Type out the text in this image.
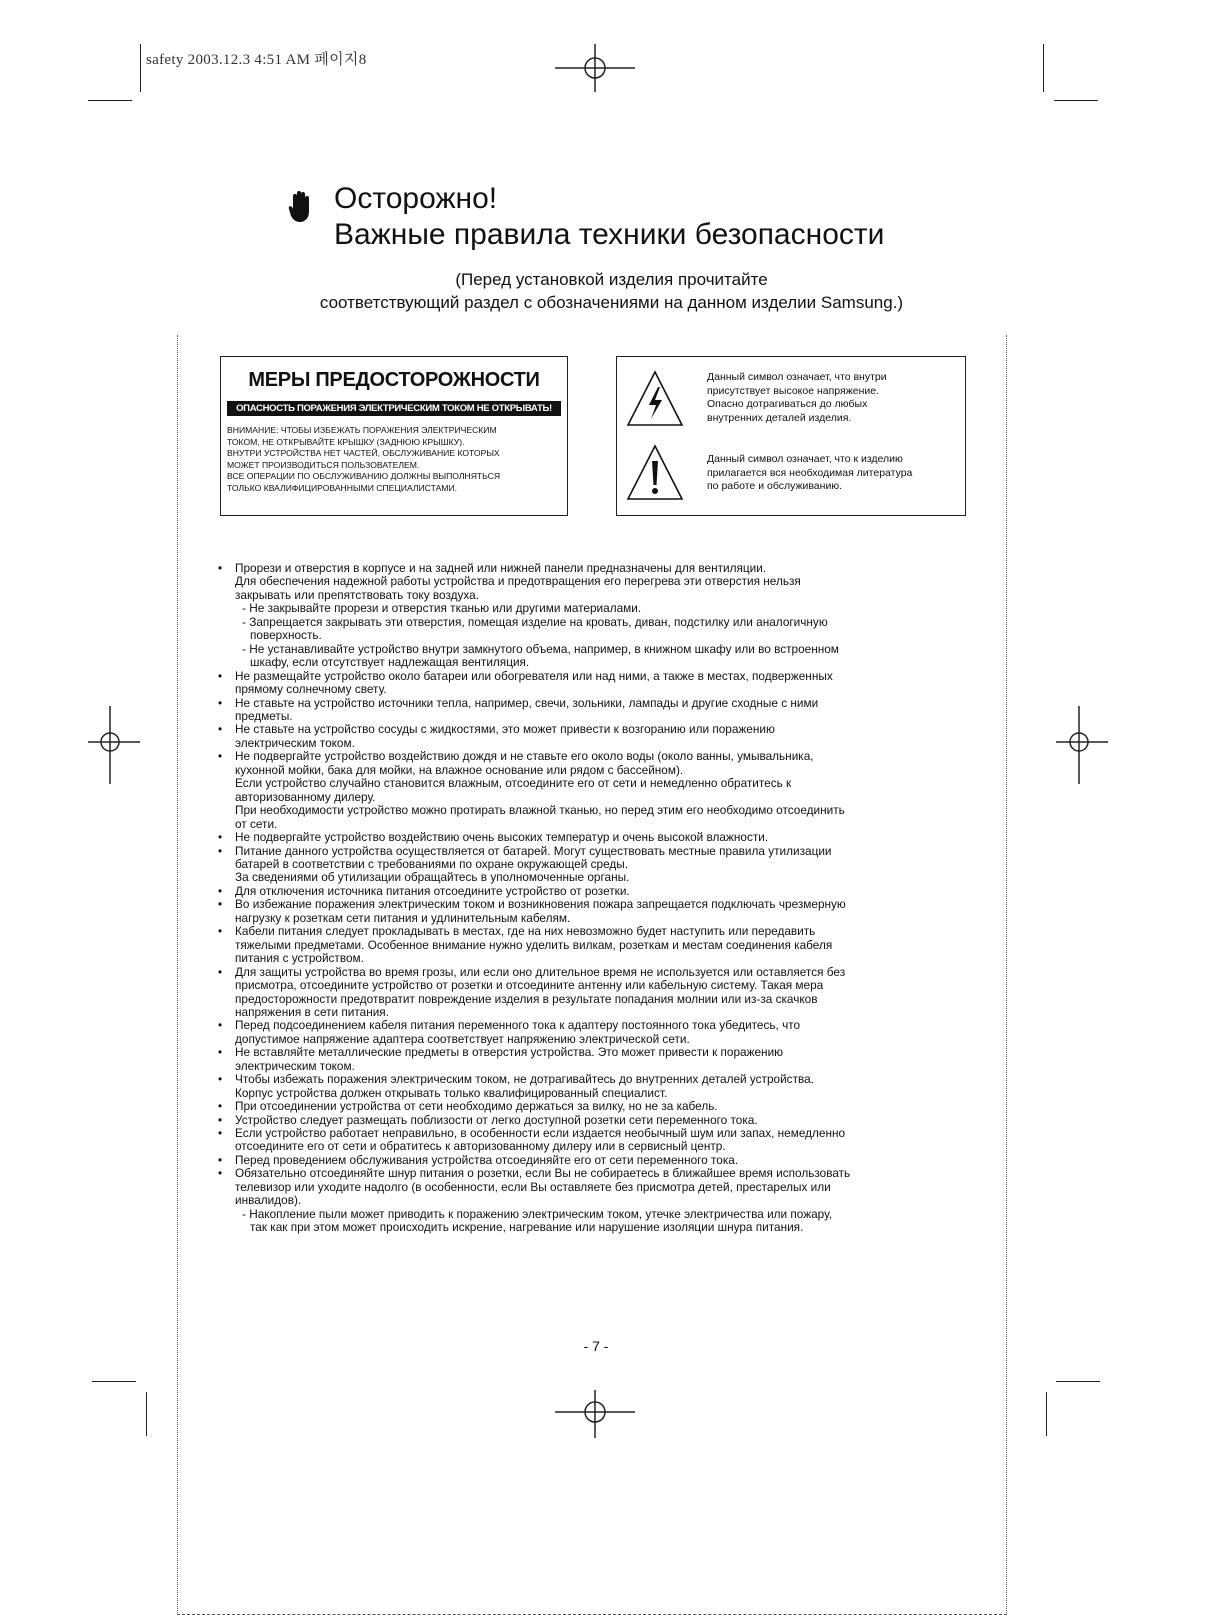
safety 2003.12.3 4:51 AM 페이지8
Осторожно!
Важные правила техники безопасности
(Перед установкой изделия прочитайте
соответствующий раздел с обозначениями на данном изделии Samsung.)
МЕРЫ ПРЕДОСТОРОЖНОСТИ
ОПАСНОСТЬ ПОРАЖЕНИЯ ЭЛЕКТРИЧЕСКИМ ТОКОМ НЕ ОТКРЫВАТЬ!
ВНИМАНИЕ: ЧТОБЫ ИЗБЕЖАТЬ ПОРАЖЕНИЯ ЭЛЕКТРИЧЕСКИМ
ТОКОМ, НЕ ОТКРЫВАЙТЕ КРЫШКУ (ЗАДНЮЮ КРЫШКУ).
ВНУТРИ УСТРОЙСТВА НЕТ ЧАСТЕЙ, ОБСЛУЖИВАНИЕ КОТОРЫХ
МОЖЕТ ПРОИЗВОДИТЬСЯ ПОЛЬЗОВАТЕЛЕМ.
ВСЕ ОПЕРАЦИИ ПО ОБСЛУЖИВАНИЮ ДОЛЖНЫ ВЫПОЛНЯТЬСЯ
ТОЛЬКО КВАЛИФИЦИРОВАННЫМИ СПЕЦИАЛИСТАМИ.
Данный символ означает, что внутри
присутствует высокое напряжение.
Опасно дотрагиваться до любых
внутренних деталей изделия.
Данный символ означает, что к изделию
прилагается вся необходимая литература
по работе и обслуживанию.
• Прорези и отверстия в корпусе и на задней или нижней панели предназначены для вентиляции.
Для обеспечения надежной работы устройства и предотвращения его перегрева эти отверстия нельзя
закрывать или препятствовать току воздуха.
- Не закрывайте прорези и отверстия тканью или другими материалами.
- Запрещается закрывать эти отверстия, помещая изделие на кровать, диван, подстилку или аналогичную
поверхность.
- Не устанавливайте устройство внутри замкнутого объема, например, в книжном шкафу или во встроенном
шкафу, если отсутствует надлежащая вентиляция.
• Не размещайте устройство около батареи или обогревателя или над ними, а также в местах, подверженных
прямому солнечному свету.
• Не ставьте на устройство источники тепла, например, свечи, зольники, лампады и другие сходные с ними
предметы.
• Не ставьте на устройство сосуды с жидкостями, это может привести к возгоранию или поражению
электрическим током.
• Не подвергайте устройство воздействию дождя и не ставьте его около воды (около ванны, умывальника,
кухонной мойки, бака для мойки, на влажное основание или рядом с бассейном).
Если устройство случайно становится влажным, отсоедините его от сети и немедленно обратитесь к
авторизованному дилеру.
При необходимости устройство можно протирать влажной тканью, но перед этим его необходимо отсоединить
от сети.
• Не подвергайте устройство воздействию очень высоких температур и очень высокой влажности.
• Питание данного устройства осуществляется от батарей. Могут существовать местные правила утилизации
батарей в соответствии с требованиями по охране окружающей среды.
За сведениями об утилизации обращайтесь в уполномоченные органы.
• Для отключения источника питания отсоедините устройство от розетки.
• Во избежание поражения электрическим током и возникновения пожара запрещается подключать чрезмерную
нагрузку к розеткам сети питания и удлинительным кабелям.
• Кабели питания следует прокладывать в местах, где на них невозможно будет наступить или передавить
тяжелыми предметами. Особенное внимание нужно уделить вилкам, розеткам и местам соединения кабеля
питания с устройством.
• Для защиты устройства во время грозы, или если оно длительное время не используется или оставляется без
присмотра, отсоедините устройство от розетки и отсоедините антенну или кабельную систему. Такая мера
предосторожности предотвратит повреждение изделия в результате попадания молнии или из-за скачков
напряжения в сети питания.
• Перед подсоединением кабеля питания переменного тока к адаптеру постоянного тока убедитесь, что
допустимое напряжение адаптера соответствует напряжению электрической сети.
• Не вставляйте металлические предметы в отверстия устройства. Это может привести к поражению
электрическим током.
• Чтобы избежать поражения электрическим током, не дотрагивайтесь до внутренних деталей устройства.
Корпус устройства должен открывать только квалифицированный специалист.
• При отсоединении устройства от сети необходимо держаться за вилку, но не за кабель.
• Устройство следует размещать поблизости от легко доступной розетки сети переменного тока.
• Если устройство работает неправильно, в особенности если издается необычный шум или запах, немедленно
отсоедините его от сети и обратитесь к авторизованному дилеру или в сервисный центр.
• Перед проведением обслуживания устройства отсоединяйте его от сети переменного тока.
• Обязательно отсоединяйте шнур питания о розетки, если Вы не собираетесь в ближайшее время использовать
телевизор или уходите надолго (в особенности, если Вы оставляете без присмотра детей, престарелых или
инвалидов).
- Накопление пыли может приводить к поражению электрическим током, утечке электричества или пожару,
так как при этом может происходить искрение, нагревание или нарушение изоляции шнура питания.
- 7 -
